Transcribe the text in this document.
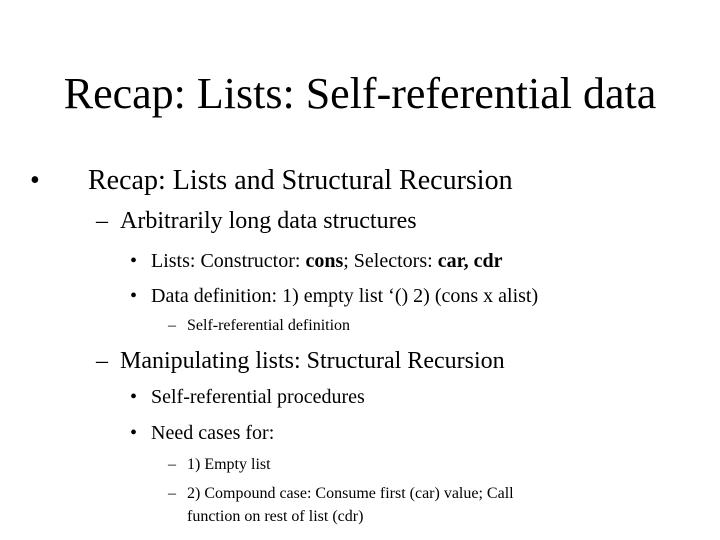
Recap: Lists: Self-referential data
• Recap: Lists and Structural Recursion
– Arbitrarily long data structures
• Lists: Constructor: cons; Selectors: car, cdr
• Data definition: 1) empty list ‘() 2) (cons x alist)
– Self-referential definition
– Manipulating lists: Structural Recursion
• Self-referential procedures
• Need cases for:
– 1) Empty list
– 2) Compound case: Consume first (car) value; Call
function on rest of list (cdr)
